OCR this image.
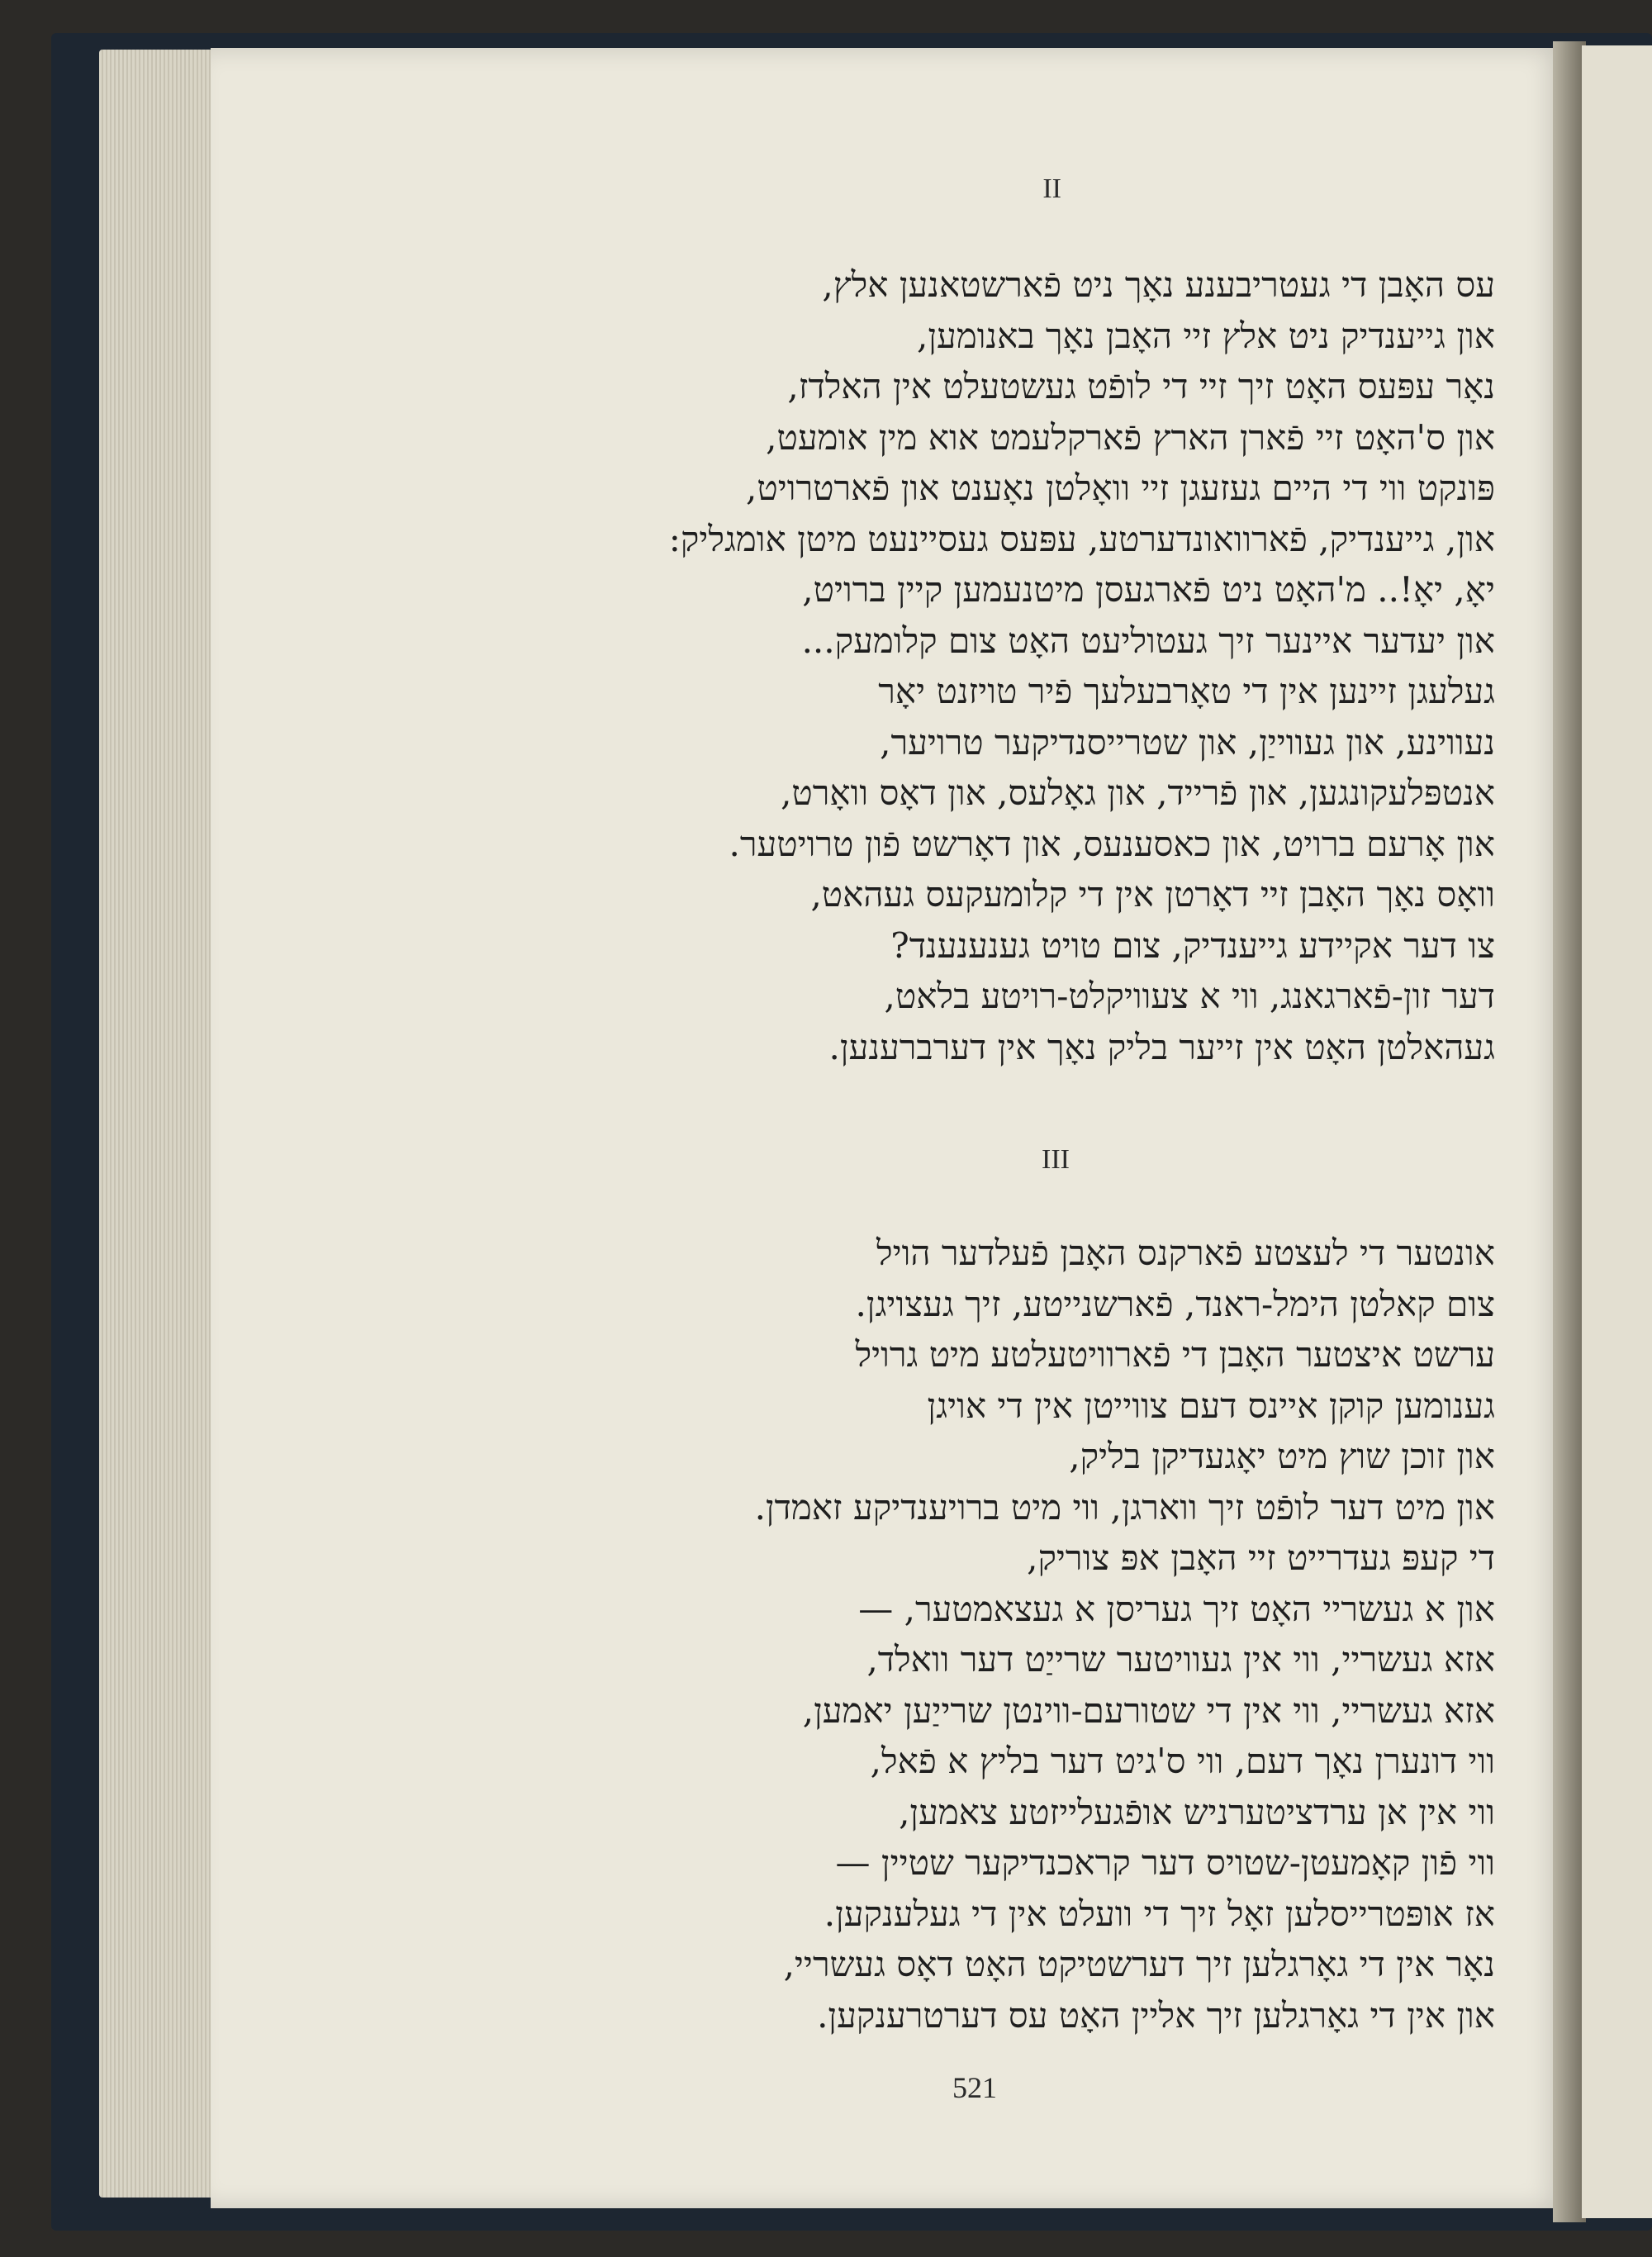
II
עס האָבן די געטריבענע נאָך ניט פֿארשטאנען אלץ,
און גייענדיק ניט אלץ זיי האָבן נאָך באנומען,
נאָר עפּעס האָט זיך זיי די לופֿט געשטעלט אין האלדז,
און ס'האָט זיי פֿארן הארץ פֿארקלעמט אוא מין אומעט,
פּונקט ווי די היים געזעגן זיי וואָלטן נאָענט און פֿארטרויט,
און, גייענדיק, פֿארוואונדערטע, עפּעס געסיינעט מיטן אומגליק:
יאָ, יאָ!.. מ'האָט ניט פֿארגעסן מיטנעמען קיין ברויט,
און יעדער איינער זיך געטוליעט האָט צום קלומעק...
געלעגן זיינען אין די טאָרבעלעך פֿיר טויזנט יאָר
נעווינע, און געווייַן, און שטרייסנדיקער טרויער,
אנטפּלעקונגען, און פֿרייד, און גאָלעס, און דאָס וואָרט,
און אָרעם ברויט, און כאסענעס, און דאָרשט פֿון טרויטער.
וואָס נאָך האָבן זיי דאָרטן אין די קלומעקעס געהאט,
צו דער אקיידע גייענדיק, צום טויט גענענענד?
דער זון-פֿארגאנג, ווי א צעוויקלט-רויטע בלאט,
געהאלטן האָט אין זייער בליק נאָך אין דערברענען.
III
אונטער די לעצטע פֿארקנס האָבן פֿעלדער הויל
צום קאלטן הימל-ראנד, פֿארשנייטע, זיך געצויגן.
ערשט איצטער האָבן די פֿארוויטעלטע מיט גרויל
גענומען קוקן איינס דעם צווייטן אין די אויגן
און זוכן שוץ מיט יאָגעדיקן בליק,
און מיט דער לופֿט זיך ווארגן, ווי מיט ברויענדיקע זאמדן.
די קעפּ געדרייט זיי האָבן אפּ צוריק,
און א געשריי האָט זיך געריסן א געצאמטער, —
אזא געשריי, ווי אין געוויטער שרייַט דער וואלד,
אזא געשריי, ווי אין די שטורעם-ווינטן שרייַען יאמען,
ווי דונערן נאָך דעם, ווי ס'גיט דער בליץ א פֿאל,
ווי אין אן ערדציטערניש אופֿגעלייזטע צאמען,
ווי פֿון קאָמעטן-שטויס דער קראכנדיקער שטיין —
אז אופּטרייסלען זאָל זיך די וועלט אין די געלענקען.
נאָר אין די גאָרגלען זיך דערשטיקט האָט דאָס געשריי,
און אין די גאָרגלען זיך אליין האָט עס דערטרענקען.
521
